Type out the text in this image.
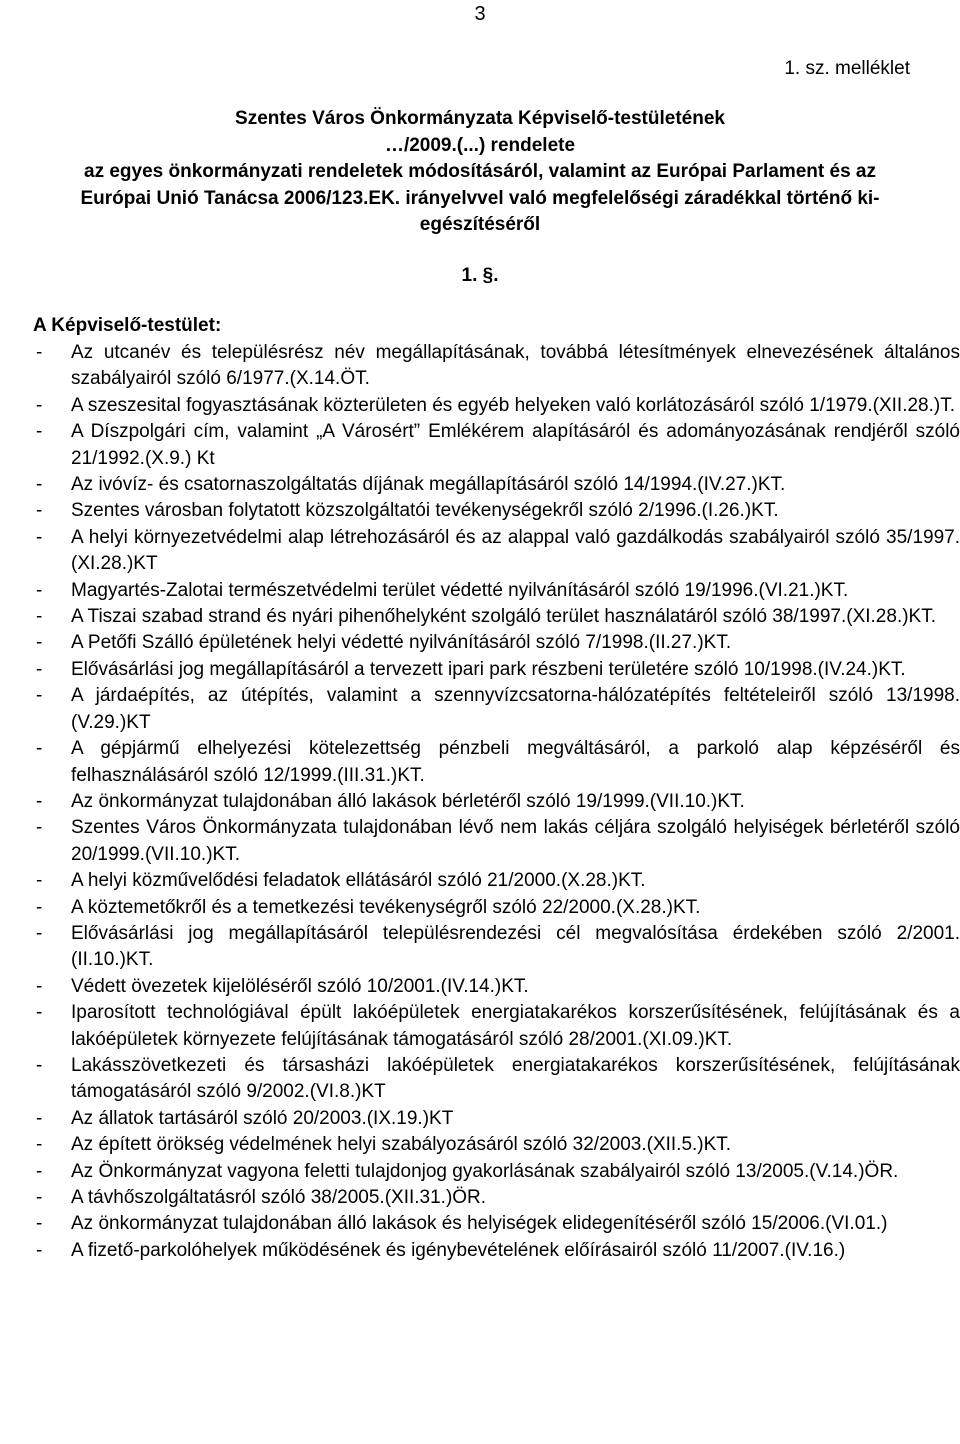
3
1. sz. melléklet
Szentes Város Önkormányzata Képviselő-testületének
…/2009.(...) rendelete
az egyes önkormányzati rendeletek módosításáról, valamint az Európai Parlament és az
Európai Unió Tanácsa 2006/123.EK. irányelvvel való megfelelőségi záradékkal történő ki-
egészítéséről
1. §.
A Képviselő-testület:
- Az utcanév és településrész név megállapításának, továbbá létesítmények elnevezésének általános szabályairól szóló 6/1977.(X.14.ÖT.
- A szeszesital fogyasztásának közterületen és egyéb helyeken való korlátozásáról szóló 1/1979.(XII.28.)T.
- A Díszpolgári cím, valamint „A Városért” Emlékérem alapításáról és adományozásának rendjéről szóló 21/1992.(X.9.) Kt
- Az ivóvíz- és csatornaszolgáltatás díjának megállapításáról szóló 14/1994.(IV.27.)KT.
- Szentes városban folytatott közszolgáltatói tevékenységekről szóló 2/1996.(I.26.)KT.
- A helyi környezetvédelmi alap létrehozásáról és az alappal való gazdálkodás szabályairól szóló 35/1997.(XI.28.)KT
- Magyartés-Zalotai természetvédelmi terület védetté nyilvánításáról szóló 19/1996.(VI.21.)KT.
- A Tiszai szabad strand és nyári pihenőhelyként szolgáló terület használatáról szóló 38/1997.(XI.28.)KT.
- A Petőfi Szálló épületének helyi védetté nyilvánításáról szóló 7/1998.(II.27.)KT.
- Elővásárlási jog megállapításáról a tervezett ipari park részbeni területére szóló 10/1998.(IV.24.)KT.
- A járdaépítés, az útépítés, valamint a szennyvízcsatorna-hálózatépítés feltételeiről szóló 13/1998.(V.29.)KT
- A gépjármű elhelyezési kötelezettség pénzbeli megváltásáról, a parkoló alap képzéséről és felhasználásáról szóló 12/1999.(III.31.)KT.
- Az önkormányzat tulajdonában álló lakások bérletéről szóló 19/1999.(VII.10.)KT.
- Szentes Város Önkormányzata tulajdonában lévő nem lakás céljára szolgáló helyiségek bérletéről szóló 20/1999.(VII.10.)KT.
- A helyi közművelődési feladatok ellátásáról szóló 21/2000.(X.28.)KT.
- A köztemetőkről és a temetkezési tevékenységről szóló 22/2000.(X.28.)KT.
- Elővásárlási jog megállapításáról településrendezési cél megvalósítása érdekében szóló 2/2001.(II.10.)KT.
- Védett övezetek kijelöléséről szóló 10/2001.(IV.14.)KT.
- Iparosított technológiával épült lakóépületek energiatakarékos korszerűsítésének, felújításának és a lakóépületek környezete felújításának támogatásáról szóló 28/2001.(XI.09.)KT.
- Lakásszövetkezeti és társasházi lakóépületek energiatakarékos korszerűsítésének, felújításának támogatásáról szóló 9/2002.(VI.8.)KT
- Az állatok tartásáról szóló 20/2003.(IX.19.)KT
- Az épített örökség védelmének helyi szabályozásáról szóló 32/2003.(XII.5.)KT.
- Az Önkormányzat vagyona feletti tulajdonjog gyakorlásának szabályairól szóló 13/2005.(V.14.)ÖR.
- A távhőszolgáltatásról szóló 38/2005.(XII.31.)ÖR.
- Az önkormányzat tulajdonában álló lakások és helyiségek elidegenítéséről szóló 15/2006.(VI.01.)
- A fizető-parkolóhelyek működésének és igénybevételének előírásairól szóló 11/2007.(IV.16.)
